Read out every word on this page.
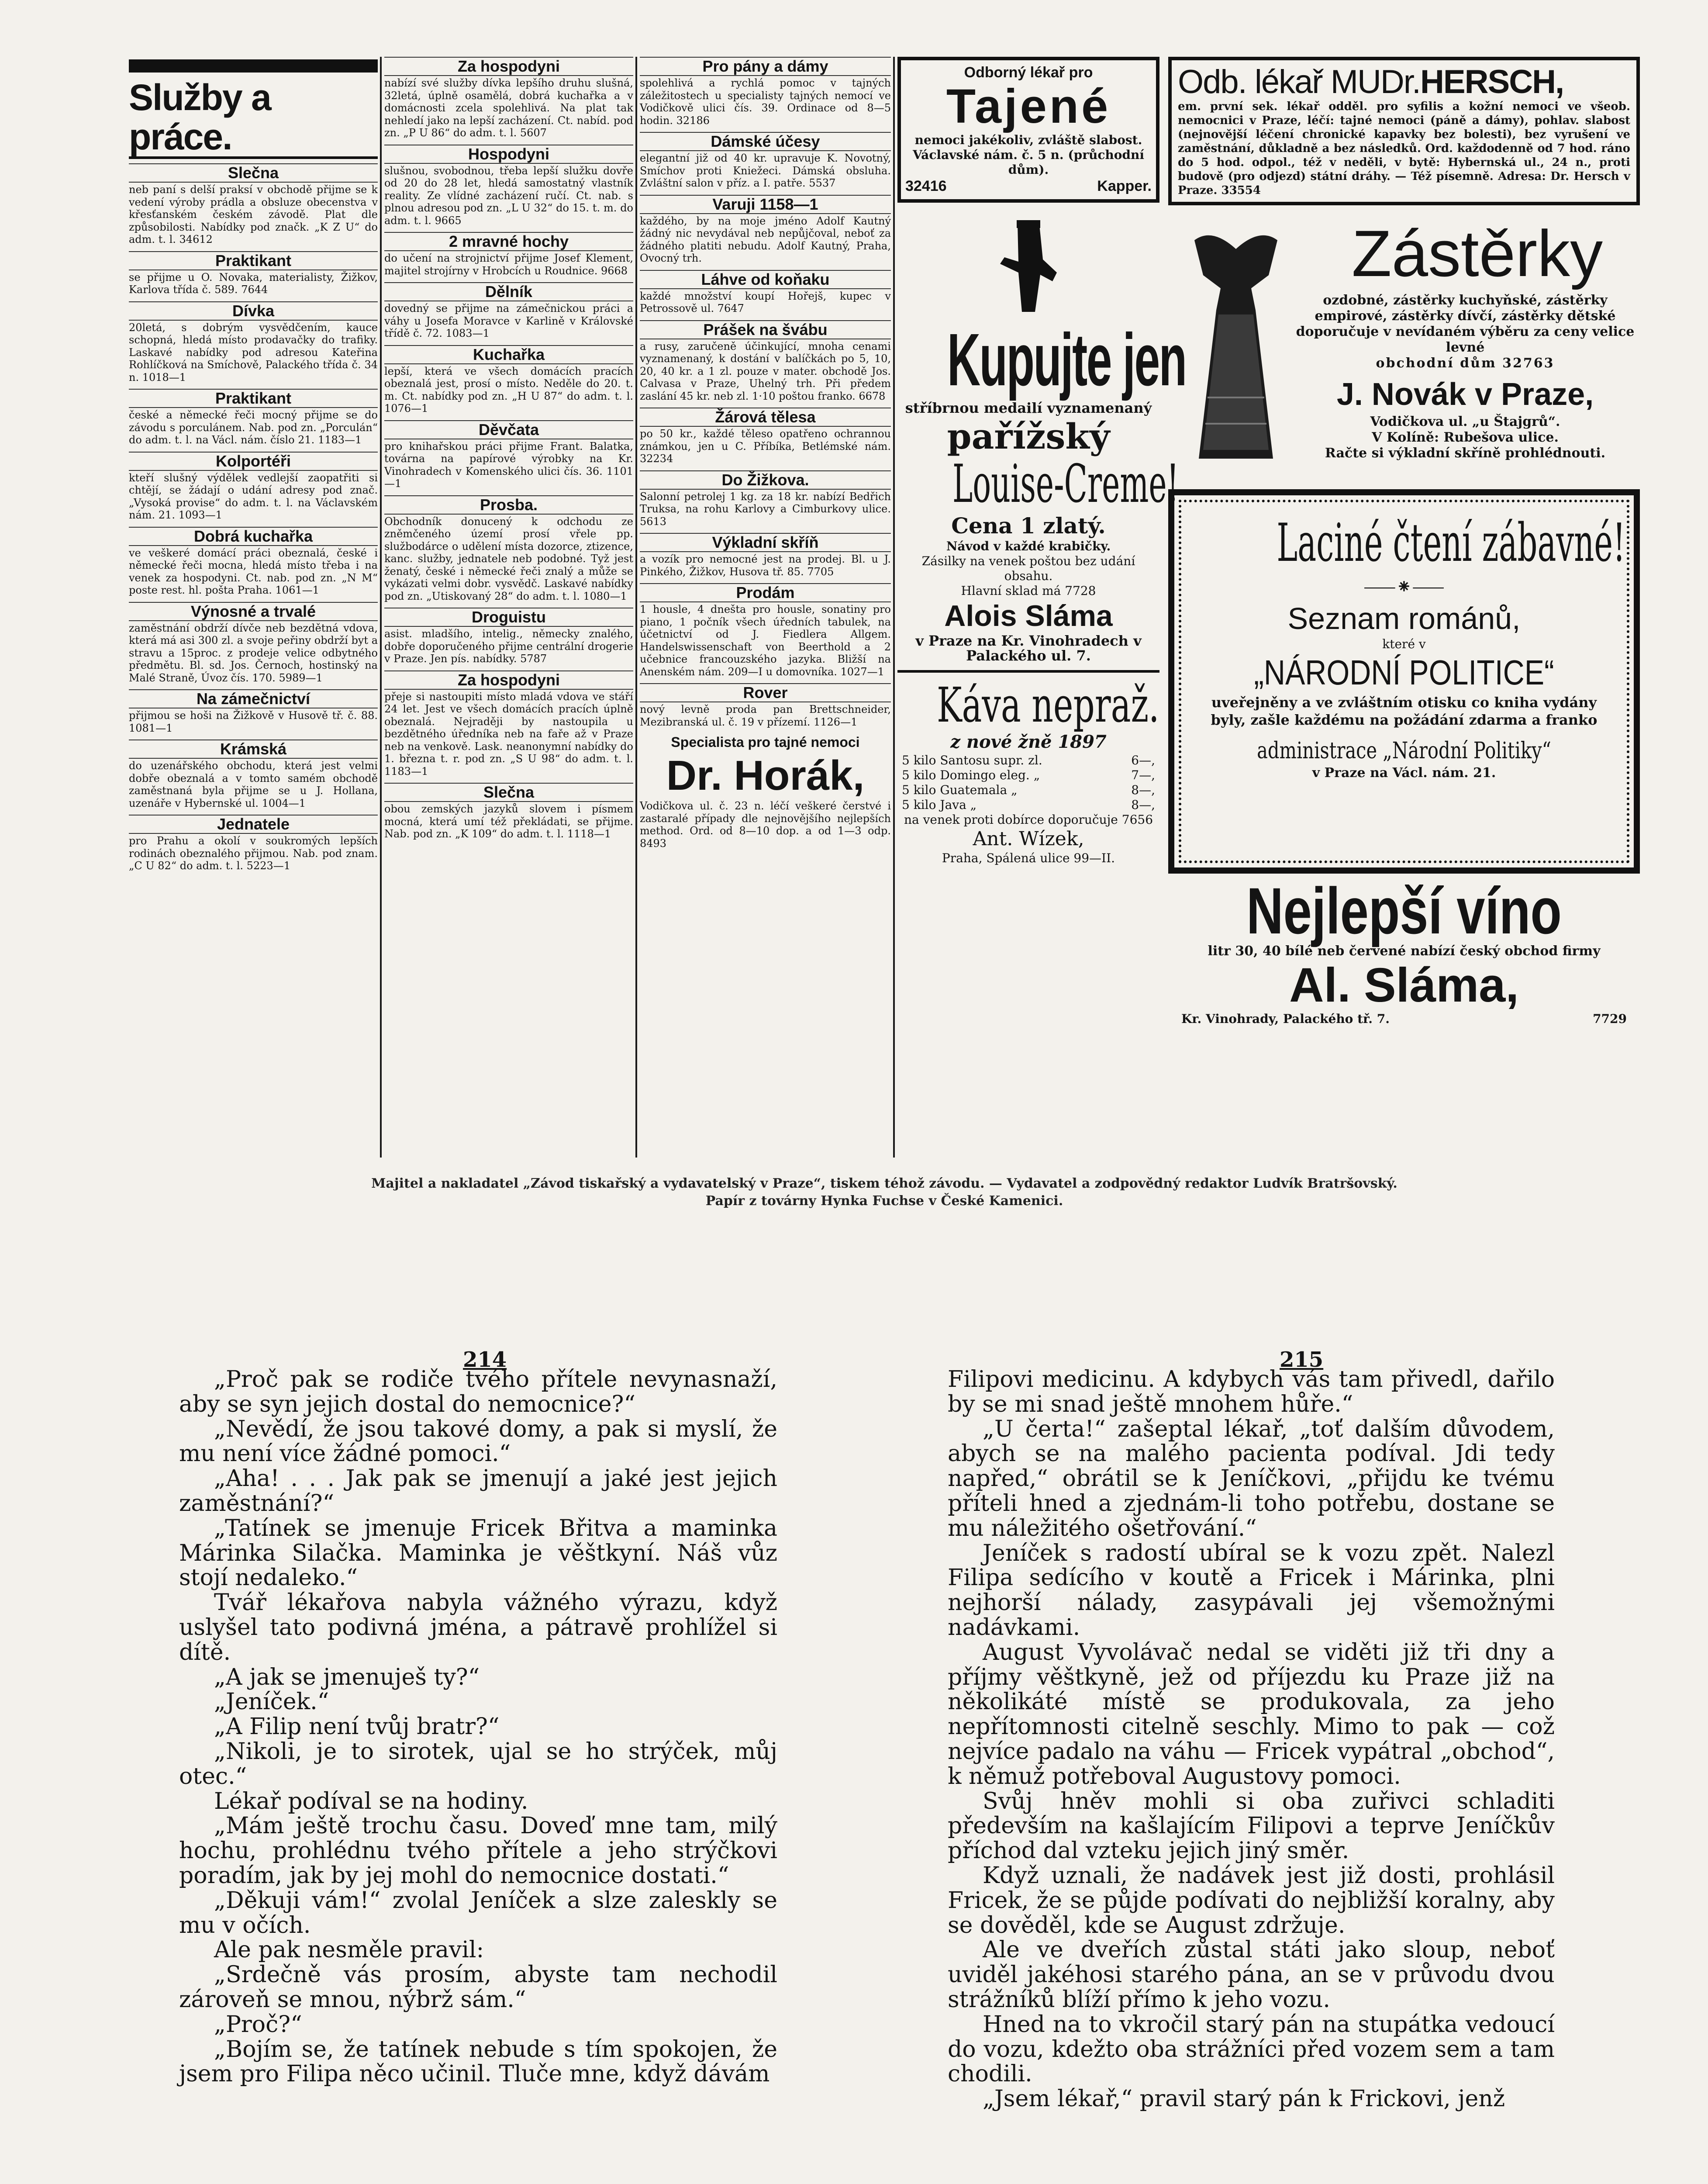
Služby a práce.
Slečna
neb paní s delší praksí v obchodě přijme se k vedení výroby prádla a obsluze obecenstva v křesťanském českém závodě. Plat dle způsobilosti. Nabídky pod značk. „K Z U“ do adm. t. l. 34612
Praktikant
se přijme u O. Novaka, materialisty, Žižkov, Karlova třída č. 589. 7644
Dívka
20letá, s dobrým vysvědčením, kauce schopná, hledá místo prodavačky do trafiky. Laskavé nabídky pod adresou Kateřina Rohlíčková na Smíchově, Palackého třída č. 34 n. 1018—1
Praktikant
české a německé řeči mocný přijme se do závodu s porculánem. Nab. pod zn. „Porculán“ do adm. t. l. na Václ. nám. číslo 21. 1183—1
Kolportéři
kteří slušný výdělek vedlejší zaopatřiti si chtějí, se žádají o udání adresy pod znač. „Vysoká provise“ do adm. t. l. na Václavském nám. 21. 1093—1
Dobrá kuchařka
ve veškeré domácí práci obeznalá, české i německé řeči mocna, hledá místo třeba i na venek za hospodyni. Ct. nab. pod zn. „N M“ poste rest. hl. pošta Praha. 1061—1
Výnosné a trvalé
zaměstnání obdrží dívče neb bezdětná vdova, která má asi 300 zl. a svoje peřiny obdrží byt a stravu a 15proc. z prodeje velice odbytného předmětu. Bl. sd. Jos. Černoch, hostinský na Malé Straně, Úvoz čís. 170. 5989—1
Na zámečnictví
přijmou se hoši na Žižkově v Husově tř. č. 88. 1081—1
Krámská
do uzenářského obchodu, která jest velmi dobře obeznalá a v tomto samém obchodě zaměstnaná byla přijme se u J. Hollana, uzenáře v Hybernské ul. 1004—1
Jednatele
pro Prahu a okolí v soukromých lepších rodinách obeznalého přijmou. Nab. pod znam. „C U 82“ do adm. t. l. 5223—1
Za hospodyni
nabízí své služby dívka lepšího druhu slušná, 32letá, úplně osamělá, dobrá kuchařka a v domácnosti zcela spolehlivá. Na plat tak nehledí jako na lepší zacházení. Ct. nabíd. pod zn. „P U 86“ do adm. t. l. 5607
Hospodyni
slušnou, svobodnou, třeba lepší služku dovře od 20 do 28 let, hledá samostatný vlastník reality. Ze vlídné zacházení ručí. Ct. nab. s plnou adresou pod zn. „L U 32“ do 15. t. m. do adm. t. l. 9665
2 mravné hochy
do učení na strojnictví přijme Josef Klement, majitel strojírny v Hrobcích u Roudnice. 9668
Dělník
dovedný se přijme na zámečnickou práci a váhy u Josefa Moravce v Karlině v Královské třídě č. 72. 1083—1
Kuchařka
lepší, která ve všech domácích pracích obeznalá jest, prosí o místo. Neděle do 20. t. m. Ct. nabídky pod zn. „H U 87“ do adm. t. l. 1076—1
Děvčata
pro knihařskou práci přijme Frant. Balatka, továrna na papírové výrobky na Kr. Vinohradech v Komenského ulici čís. 36. 1101—1
Prosba.
Obchodník donucený k odchodu ze zněmčeného území prosí vřele pp. službodárce o udělení místa dozorce, ztizence, kanc. služby, jednatele neb podobné. Tyž jest ženatý, české i německé řeči znalý a může se vykázati velmi dobr. vysvědč. Laskavé nabídky pod zn. „Utiskovaný 28“ do adm. t. l. 1080—1
Droguistu
asist. mladšího, intelig., německy znalého, dobře doporučeného přijme centrální drogerie v Praze. Jen pís. nabídky. 5787
Za hospodyni
přeje si nastoupiti místo mladá vdova ve stáří 24 let. Jest ve všech domácích pracích úplně obeznalá. Nejraději by nastoupila u bezdětného úředníka neb na faře až v Praze neb na venkově. Lask. neanonymní nabídky do 1. března t. r. pod zn. „S U 98“ do adm. t. l. 1183—1
Slečna
obou zemských jazyků slovem i písmem mocná, která umí též překládati, se přijme. Nab. pod zn. „K 109“ do adm. t. l. 1118—1
Pro pány a dámy
spolehlivá a rychlá pomoc v tajných záležitostech u specialisty tajných nemocí ve Vodičkově ulici čís. 39. Ordinace od 8—5 hodin. 32186
Dámské účesy
elegantní již od 40 kr. upravuje K. Novotný, Smíchov proti Kniežeci. Dámská obsluha. Zvláštní salon v příz. a I. patře. 5537
Varuji 1158—1
každého, by na moje jméno Adolf Kautný žádný nic nevydával neb nepůjčoval, neboť za žádného platiti nebudu. Adolf Kautný, Praha, Ovocný trh.
Láhve od koňaku
každé množství koupí Hořejš, kupec v Petrossově ul. 7647
Prášek na švábu
a rusy, zaručeně účinkující, mnoha cenami vyznamenaný, k dostání v balíčkách po 5, 10, 20, 40 kr. a 1 zl. pouze v mater. obchodě Jos. Calvasa v Praze, Uhelný trh. Při předem zaslání 45 kr. neb zl. 1·10 poštou franko. 6678
Žárová tělesa
po 50 kr., každé těleso opatřeno ochrannou známkou, jen u C. Příbíka, Betlémské nám. 32234
Do Žižkova.
Salonní petrolej 1 kg. za 18 kr. nabízí Bedřich Truksa, na rohu Karlovy a Cimburkovy ulice. 5613
Výkladní skříň
a vozík pro nemocné jest na prodej. Bl. u J. Pinkého, Žižkov, Husova tř. 85. 7705
Prodám
1 housle, 4 dnešta pro housle, sonatiny pro piano, 1 počník všech úředních tabulek, na účetnictví od J. Fiedlera Allgem. Handelswissenschaft von Beerthold a 2 učebnice francouzského jazyka. Bližší na Anenském nám. 209—I u domovníka. 1027—1
Rover
nový levně proda pan Brettschneider, Mezibranská ul. č. 19 v přízemí. 1126—1
Specialista pro tajné nemoci
Dr. Horák,
Vodičkova ul. č. 23 n. léčí veškeré čerstvé i zastaralé případy dle nejnovějšího nejlepších method. Ord. od 8—10 dop. a od 1—3 odp. 8493
Odborný lékař pro
Tajené
nemoci jakékoliv, zvláště slabost. Václavské nám. č. 5 n. (průchodní dům).
32416	Kapper.
Kupujte jen
stříbrnou medailí vyznamenaný
pařížský
Louise-Creme!
Cena 1 zlatý.
Návod v každé krabičky.
Zásilky na venek poštou bez udání obsahu.
Hlavní sklad má 7728
Alois Sláma
v Praze na Kr. Vinohradech v Palackého ul. 7.
Káva nepraž.
z nové žně 1897
5 kilo Santosu supr. zl.	6—,
5 kilo Domingo eleg. „	7—,
5 kilo Guatemala „	8—,
5 kilo Java „	8—,
na venek proti dobírce doporučuje 7656
Ant. Wízek,
Praha, Spálená ulice 99—II.
Odb. lékař MUDr.HERSCH,
em. první sek. lékař odděl. pro syfilis a kožní nemoci ve všeob. nemocnici v Praze, léčí: tajné nemoci (páně a dámy), pohlav. slabost (nejnovější léčení chronické kapavky bez bolesti), bez vyrušení ve zaměstnání, důkladně a bez následků. Ord. každodenně od 7 hod. ráno do 5 hod. odpol., též v neděli, v bytě: Hybernská ul., 24 n., proti budově (pro odjezd) státní dráhy. — Též písemně. Adresa: Dr. Hersch v Praze. 33554
Zástěrky
ozdobné, zástěrky kuchyňské, zástěrky empirové, zástěrky dívčí, zástěrky dětské doporučuje v nevídaném výběru za ceny velice levné
obchodní dům 32763
J. Novák v Praze,
Vodičkova ul. „u Štajgrů“.
V Kolíně: Rubešova ulice.
Račte si výkladní skříně prohlédnouti.
Laciné čtení zábavné!
⸺⁕⸺
Seznam románů,
které v
„NÁRODNÍ POLITICE“
uveřejněny a ve zvláštním otisku co kniha vydány byly, zašle každému na požádání zdarma a franko
administrace „Národní Politiky“
v Praze na Václ. nám. 21.
Nejlepší víno
litr 30, 40 bílé neb červené nabízí český obchod firmy
Al. Sláma,
Kr. Vinohrady, Palackého tř. 7.	7729
Majitel a nakladatel „Závod tiskařský a vydavatelský v Praze“, tiskem téhož závodu. — Vydavatel a zodpovědný redaktor Ludvík Bratršovský.
Papír z továrny Hynka Fuchse v České Kamenici.
214	215

„Proč pak se rodiče tvého přítele nevynasnaží, aby se syn jejich dostal do nemocnice?“

„Nevědí, že jsou takové domy, a pak si myslí, že mu není více žádné pomoci.“

„Aha! . . . Jak pak se jmenují a jaké jest jejich zaměstnání?“

„Tatínek se jmenuje Fricek Břitva a maminka Márinka Silačka. Maminka je věštkyní. Náš vůz stojí nedaleko.“

Tvář lékařova nabyla vážného výrazu, když uslyšel tato podivná jména, a pátravě prohlížel si dítě.

„A jak se jmenuješ ty?“

„Jeníček.“

„A Filip není tvůj bratr?“

„Nikoli, je to sirotek, ujal se ho strýček, můj otec.“

Lékař podíval se na hodiny.

„Mám ještě trochu času. Doveď mne tam, milý hochu, prohlédnu tvého přítele a jeho strýčkovi poradím, jak by jej mohl do nemocnice dostati.“

„Děkuji vám!“ zvolal Jeníček a slze zaleskly se mu v očích.

Ale pak nesměle pravil:

„Srdečně vás prosím, abyste tam nechodil zároveň se mnou, nýbrž sám.“

„Proč?“

„Bojím se, že tatínek nebude s tím spokojen, že jsem pro Filipa něco učinil. Tluče mne, když dávám

Filipovi medicinu. A kdybych vás tam přivedl, dařilo by se mi snad ještě mnohem hůře.“

„U čerta!“ zašeptal lékař, „toť dalším důvodem, abych se na malého pacienta podíval. Jdi tedy napřed,“ obrátil se k Jeníčkovi, „přijdu ke tvému příteli hned a zjednám-li toho potřebu, dostane se mu náležitého ošetřování.“

Jeníček s radostí ubíral se k vozu zpět. Nalezl Filipa sedícího v koutě a Fricek i Márinka, plni nejhorší nálady, zasypávali jej všemožnými nadávkami.

August Vyvolávač nedal se viděti již tři dny a příjmy věštkyně, jež od příjezdu ku Praze již na několikáté místě se produkovala, za jeho nepřítomnosti citelně seschly. Mimo to pak — což nejvíce padalo na váhu — Fricek vypátral „obchod“, k němuž potřeboval Augustovy pomoci.

Svůj hněv mohli si oba zuřivci schladiti především na kašlajícím Filipovi a teprve Jeníčkův příchod dal vzteku jejich jiný směr.

Když uznali, že nadávek jest již dosti, prohlásil Fricek, že se půjde podívati do nejbližší koralny, aby se dověděl, kde se August zdržuje.

Ale ve dveřích zůstal státi jako sloup, neboť uviděl jakéhosi starého pána, an se v průvodu dvou strážníků blíží přímo k jeho vozu.

Hned na to vkročil starý pán na stupátka vedoucí do vozu, kdežto oba strážníci před vozem sem a tam chodili.

„Jsem lékař,“ pravil starý pán k Frickovi, jenž
